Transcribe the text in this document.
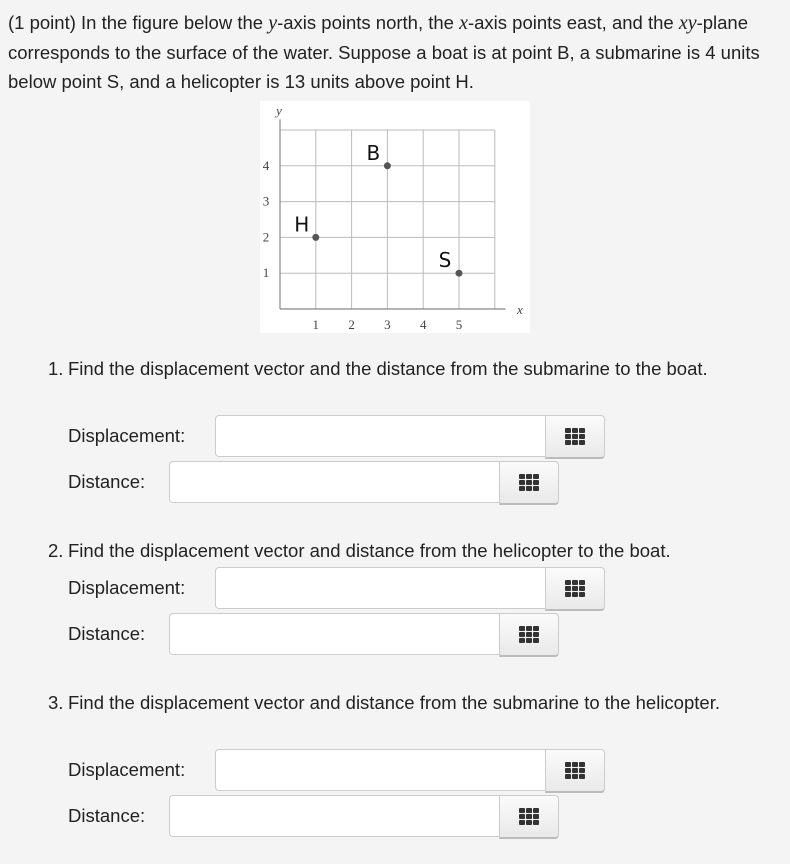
(1 point) In the figure below the y-axis points north, the x-axis points east, and the xy-plane corresponds to the surface of the water. Suppose a boat is at point B, a submarine is 4 units below point S, and a helicopter is 13 units above point H.
1 2 3 4 5
1
2
3
4
x
y
B
H
S
1. Find the displacement vector and the distance from the submarine to the boat.
Displacement:
Distance:
2. Find the displacement vector and distance from the helicopter to the boat.
Displacement:
Distance:
3. Find the displacement vector and distance from the submarine to the helicopter.
Displacement:
Distance:
